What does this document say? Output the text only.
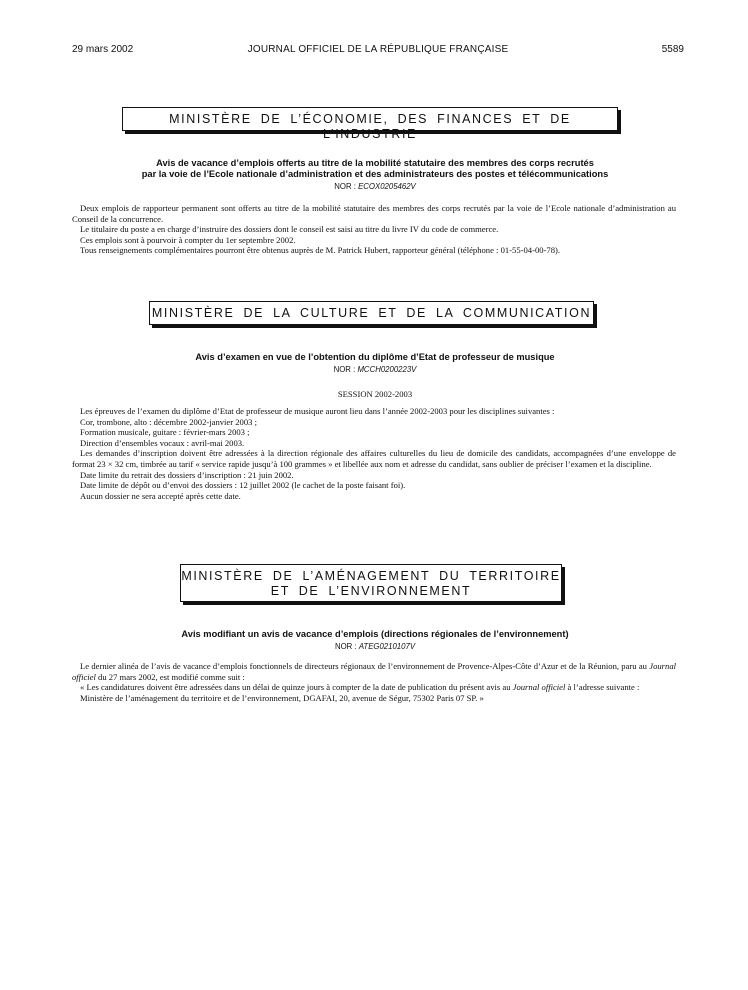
29 mars 2002	JOURNAL OFFICIEL DE LA RÉPUBLIQUE FRANÇAISE	5589
MINISTÈRE DE L’ÉCONOMIE, DES FINANCES ET DE L’INDUSTRIE
Avis de vacance d’emplois offerts au titre de la mobilité statutaire des membres des corps recrutés
par la voie de l’Ecole nationale d’administration et des administrateurs des postes et télécommunications
NOR : ECOX0205462V

Deux emplois de rapporteur permanent sont offerts au titre de la mobilité statutaire des membres des corps recrutés par la voie de l’Ecole nationale d’administration au Conseil de la concurrence.

Le titulaire du poste a en charge d’instruire des dossiers dont le conseil est saisi au titre du livre IV du code de commerce.

Ces emplois sont à pourvoir à compter du 1er septembre 2002.

Tous renseignements complémentaires pourront être obtenus auprès de M. Patrick Hubert, rapporteur général (téléphone : 01-55-04-00-78).

MINISTÈRE DE LA CULTURE ET DE LA COMMUNICATION
Avis d’examen en vue de l’obtention du diplôme d’Etat de professeur de musique
NOR : MCCH0200223V
SESSION 2002-2003

Les épreuves de l’examen du diplôme d’Etat de professeur de musique auront lieu dans l’année 2002-2003 pour les disciplines suivantes :

Cor, trombone, alto : décembre 2002-janvier 2003 ;

Formation musicale, guitare : février-mars 2003 ;

Direction d’ensembles vocaux : avril-mai 2003.

Les demandes d’inscription doivent être adressées à la direction régionale des affaires culturelles du lieu de domicile des candidats, accompagnées d’une enveloppe de format 23 × 32 cm, timbrée au tarif « service rapide jusqu’à 100 grammes » et libellée aux nom et adresse du candidat, sans oublier de préciser l’examen et la discipline.

Date limite du retrait des dossiers d’inscription : 21 juin 2002.

Date limite de dépôt ou d’envoi des dossiers : 12 juillet 2002 (le cachet de la poste faisant foi).

Aucun dossier ne sera accepté après cette date.

MINISTÈRE DE L’AMÉNAGEMENT DU TERRITOIRE
ET DE L’ENVIRONNEMENT
Avis modifiant un avis de vacance d’emplois (directions régionales de l’environnement)
NOR : ATEG0210107V

Le dernier alinéa de l’avis de vacance d’emplois fonctionnels de directeurs régionaux de l’environnement de Provence-Alpes-Côte d’Azur et de la Réunion, paru au Journal officiel du 27 mars 2002, est modifié comme suit :

« Les candidatures doivent être adressées dans un délai de quinze jours à compter de la date de publication du présent avis au Journal officiel à l’adresse suivante :

Ministère de l’aménagement du territoire et de l’environnement, DGAFAI, 20, avenue de Ségur, 75302 Paris 07 SP. »
